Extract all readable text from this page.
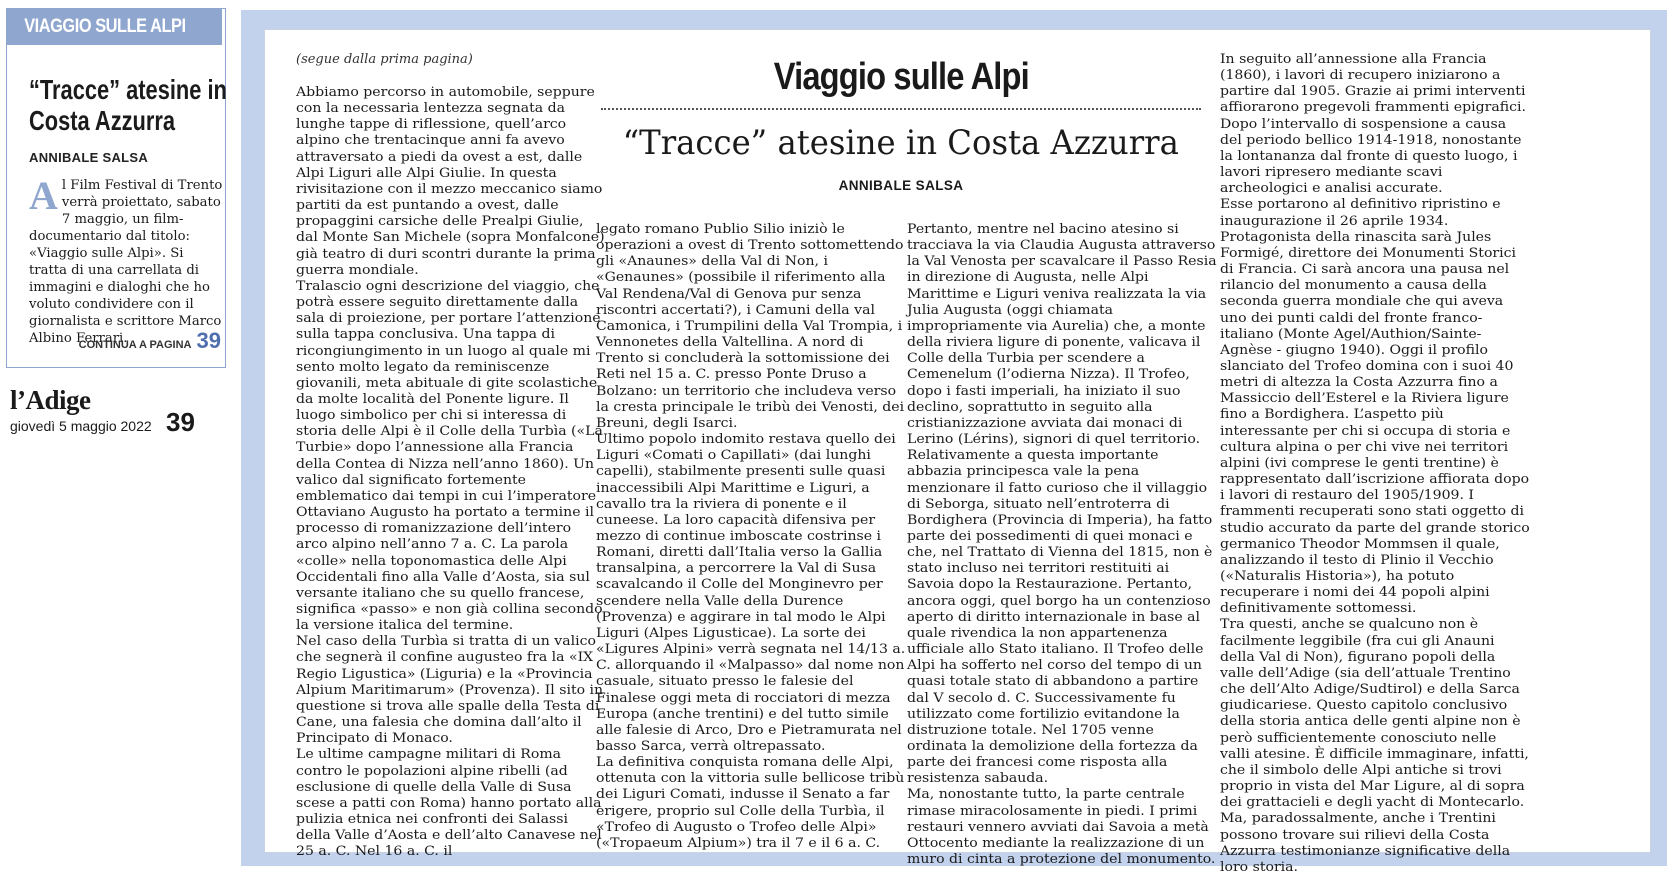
VIAGGIO SULLE ALPI
“Tracce” atesine in Costa Azzurra
ANNIBALE SALSA
A l Film Festival di Trento verrà proiettato, sabato 7 maggio, un film-documentario dal titolo: «Viaggio sulle Alpi». Si tratta di una carrellata di immagini e dialoghi che ho voluto condividere con il giornalista e scrittore Marco Albino Ferrari.
CONTINUA A PAGINA 39
l’Adige
giovedì 5 maggio 2022 39
(segue dalla prima pagina)	Viaggio sulle Alpi
“Tracce” atesine in Costa Azzurra
ANNIBALE SALSA

Abbiamo percorso in automobile, seppure con la necessaria lentezza segnata da lunghe tappe di riflessione, quell’arco alpino che trentacinque anni fa avevo attraversato a piedi da ovest a est, dalle Alpi Liguri alle Alpi Giulie. In questa rivisitazione con il mezzo meccanico siamo partiti da est puntando a ovest, dalle propaggini carsiche delle Prealpi Giulie, dal Monte San Michele (sopra Monfalcone) già teatro di duri scontri durante la prima guerra mondiale.

Tralascio ogni descrizione del viaggio, che potrà essere seguito direttamente dalla sala di proiezione, per portare l’attenzione sulla tappa conclusiva. Una tappa di ricongiungimento in un luogo al quale mi sento molto legato da reminiscenze giovanili, meta abituale di gite scolastiche da molte località del Ponente ligure. Il luogo simbolico per chi si interessa di storia delle Alpi è il Colle della Turbìa («La Turbie» dopo l’annessione alla Francia della Contea di Nizza nell’anno 1860). Un valico dal significato fortemente emblematico dai tempi in cui l’imperatore Ottaviano Augusto ha portato a termine il processo di romanizzazione dell’intero arco alpino nell’anno 7 a. C. La parola «colle» nella toponomastica delle Alpi Occidentali fino alla Valle d’Aosta, sia sul versante italiano che su quello francese, significa «passo» e non già collina secondo la versione italica del termine.

Nel caso della Turbìa si tratta di un valico che segnerà il confine augusteo fra la «IX Regio Ligustica» (Liguria) e la «Provincia Alpium Maritimarum» (Provenza). Il sito in questione si trova alle spalle della Testa di Cane, una falesia che domina dall’alto il Principato di Monaco.

Le ultime campagne militari di Roma contro le popolazioni alpine ribelli (ad esclusione di quelle della Valle di Susa scese a patti con Roma) hanno portato alla pulizia etnica nei confronti dei Salassi della Valle d’Aosta e dell’alto Canavese nel 25 a. C. Nel 16 a. C. il

legato romano Publio Silio iniziò le operazioni a ovest di Trento sottomettendo gli «Anaunes» della Val di Non, i «Genaunes» (possibile il riferimento alla Val Rendena/Val di Genova pur senza riscontri accertati?), i Camuni della val Camonica, i Trumpilini della Val Trompia, i Vennonetes della Valtellina. A nord di Trento si concluderà la sottomissione dei Reti nel 15 a. C. presso Ponte Druso a Bolzano: un territorio che includeva verso la cresta principale le tribù dei Venosti, dei Breuni, degli Isarci.

Ultimo popolo indomito restava quello dei Liguri «Comati o Capillati» (dai lunghi capelli), stabilmente presenti sulle quasi inaccessibili Alpi Marittime e Liguri, a cavallo tra la riviera di ponente e il cuneese. La loro capacità difensiva per mezzo di continue imboscate costrinse i Romani, diretti dall’Italia verso la Gallia transalpina, a percorrere la Val di Susa scavalcando il Colle del Monginevro per scendere nella Valle della Durence (Provenza) e aggirare in tal modo le Alpi Liguri (Alpes Ligusticae). La sorte dei «Ligures Alpini» verrà segnata nel 14/13 a. C. allorquando il «Malpasso» dal nome non casuale, situato presso le falesie del Finalese oggi meta di rocciatori di mezza Europa (anche trentini) e del tutto simile alle falesie di Arco, Dro e Pietramurata nel basso Sarca, verrà oltrepassato.

La definitiva conquista romana delle Alpi, ottenuta con la vittoria sulle bellicose tribù dei Liguri Comati, indusse il Senato a far erigere, proprio sul Colle della Turbìa, il «Trofeo di Augusto o Trofeo delle Alpi» («Tropaeum Alpium») tra il 7 e il 6 a. C.

Pertanto, mentre nel bacino atesino si tracciava la via Claudia Augusta attraverso la Val Venosta per scavalcare il Passo Resia in direzione di Augusta, nelle Alpi Marittime e Liguri veniva realizzata la via Julia Augusta (oggi chiamata impropriamente via Aurelia) che, a monte della riviera ligure di ponente, valicava il Colle della Turbia per scendere a Cemenelum (l’odierna Nizza). Il Trofeo, dopo i fasti imperiali, ha iniziato il suo declino, soprattutto in seguito alla cristianizzazione avviata dai monaci di Lerino (Lérins), signori di quel territorio.

Relativamente a questa importante abbazia principesca vale la pena menzionare il fatto curioso che il villaggio di Seborga, situato nell’entroterra di Bordighera (Provincia di Imperia), ha fatto parte dei possedimenti di quei monaci e che, nel Trattato di Vienna del 1815, non è stato incluso nei territori restituiti ai Savoia dopo la Restaurazione. Pertanto, ancora oggi, quel borgo ha un contenzioso aperto di diritto internazionale in base al quale rivendica la non appartenenza ufficiale allo Stato italiano. Il Trofeo delle Alpi ha sofferto nel corso del tempo di un quasi totale stato di abbandono a partire dal V secolo d. C. Successivamente fu utilizzato come fortilizio evitandone la distruzione totale. Nel 1705 venne ordinata la demolizione della fortezza da parte dei francesi come risposta alla resistenza sabauda.

Ma, nonostante tutto, la parte centrale rimase miracolosamente in piedi. I primi restauri vennero avviati dai Savoia a metà Ottocento mediante la realizzazione di un muro di cinta a protezione del monumento.

In seguito all’annessione alla Francia (1860), i lavori di recupero iniziarono a partire dal 1905. Grazie ai primi interventi affiorarono pregevoli frammenti epigrafici. Dopo l’intervallo di sospensione a causa del periodo bellico 1914-1918, nonostante la lontananza dal fronte di questo luogo, i lavori ripresero mediante scavi archeologici e analisi accurate.

Esse portarono al definitivo ripristino e inaugurazione il 26 aprile 1934. Protagonista della rinascita sarà Jules Formigé, direttore dei Monumenti Storici di Francia. Ci sarà ancora una pausa nel rilancio del monumento a causa della seconda guerra mondiale che qui aveva uno dei punti caldi del fronte franco-italiano (Monte Agel/Authion/Sainte-Agnèse - giugno 1940). Oggi il profilo slanciato del Trofeo domina con i suoi 40 metri di altezza la Costa Azzurra fino a Massiccio dell’Esterel e la Riviera ligure fino a Bordighera. L’aspetto più interessante per chi si occupa di storia e cultura alpina o per chi vive nei territori alpini (ivi comprese le genti trentine) è rappresentato dall’iscrizione affiorata dopo i lavori di restauro del 1905/1909. I frammenti recuperati sono stati oggetto di studio accurato da parte del grande storico germanico Theodor Mommsen il quale, analizzando il testo di Plinio il Vecchio («Naturalis Historia»), ha potuto recuperare i nomi dei 44 popoli alpini definitivamente sottomessi.

Tra questi, anche se qualcuno non è facilmente leggibile (fra cui gli Anauni della Val di Non), figurano popoli della valle dell’Adige (sia dell’attuale Trentino che dell’Alto Adige/Sudtirol) e della Sarca giudicariese. Questo capitolo conclusivo della storia antica delle genti alpine non è però sufficientemente conosciuto nelle valli atesine. È difficile immaginare, infatti, che il simbolo delle Alpi antiche si trovi proprio in vista del Mar Ligure, al di sopra dei grattacieli e degli yacht di Montecarlo. Ma, paradossalmente, anche i Trentini possono trovare sui rilievi della Costa Azzurra testimonianze significative della loro storia.
